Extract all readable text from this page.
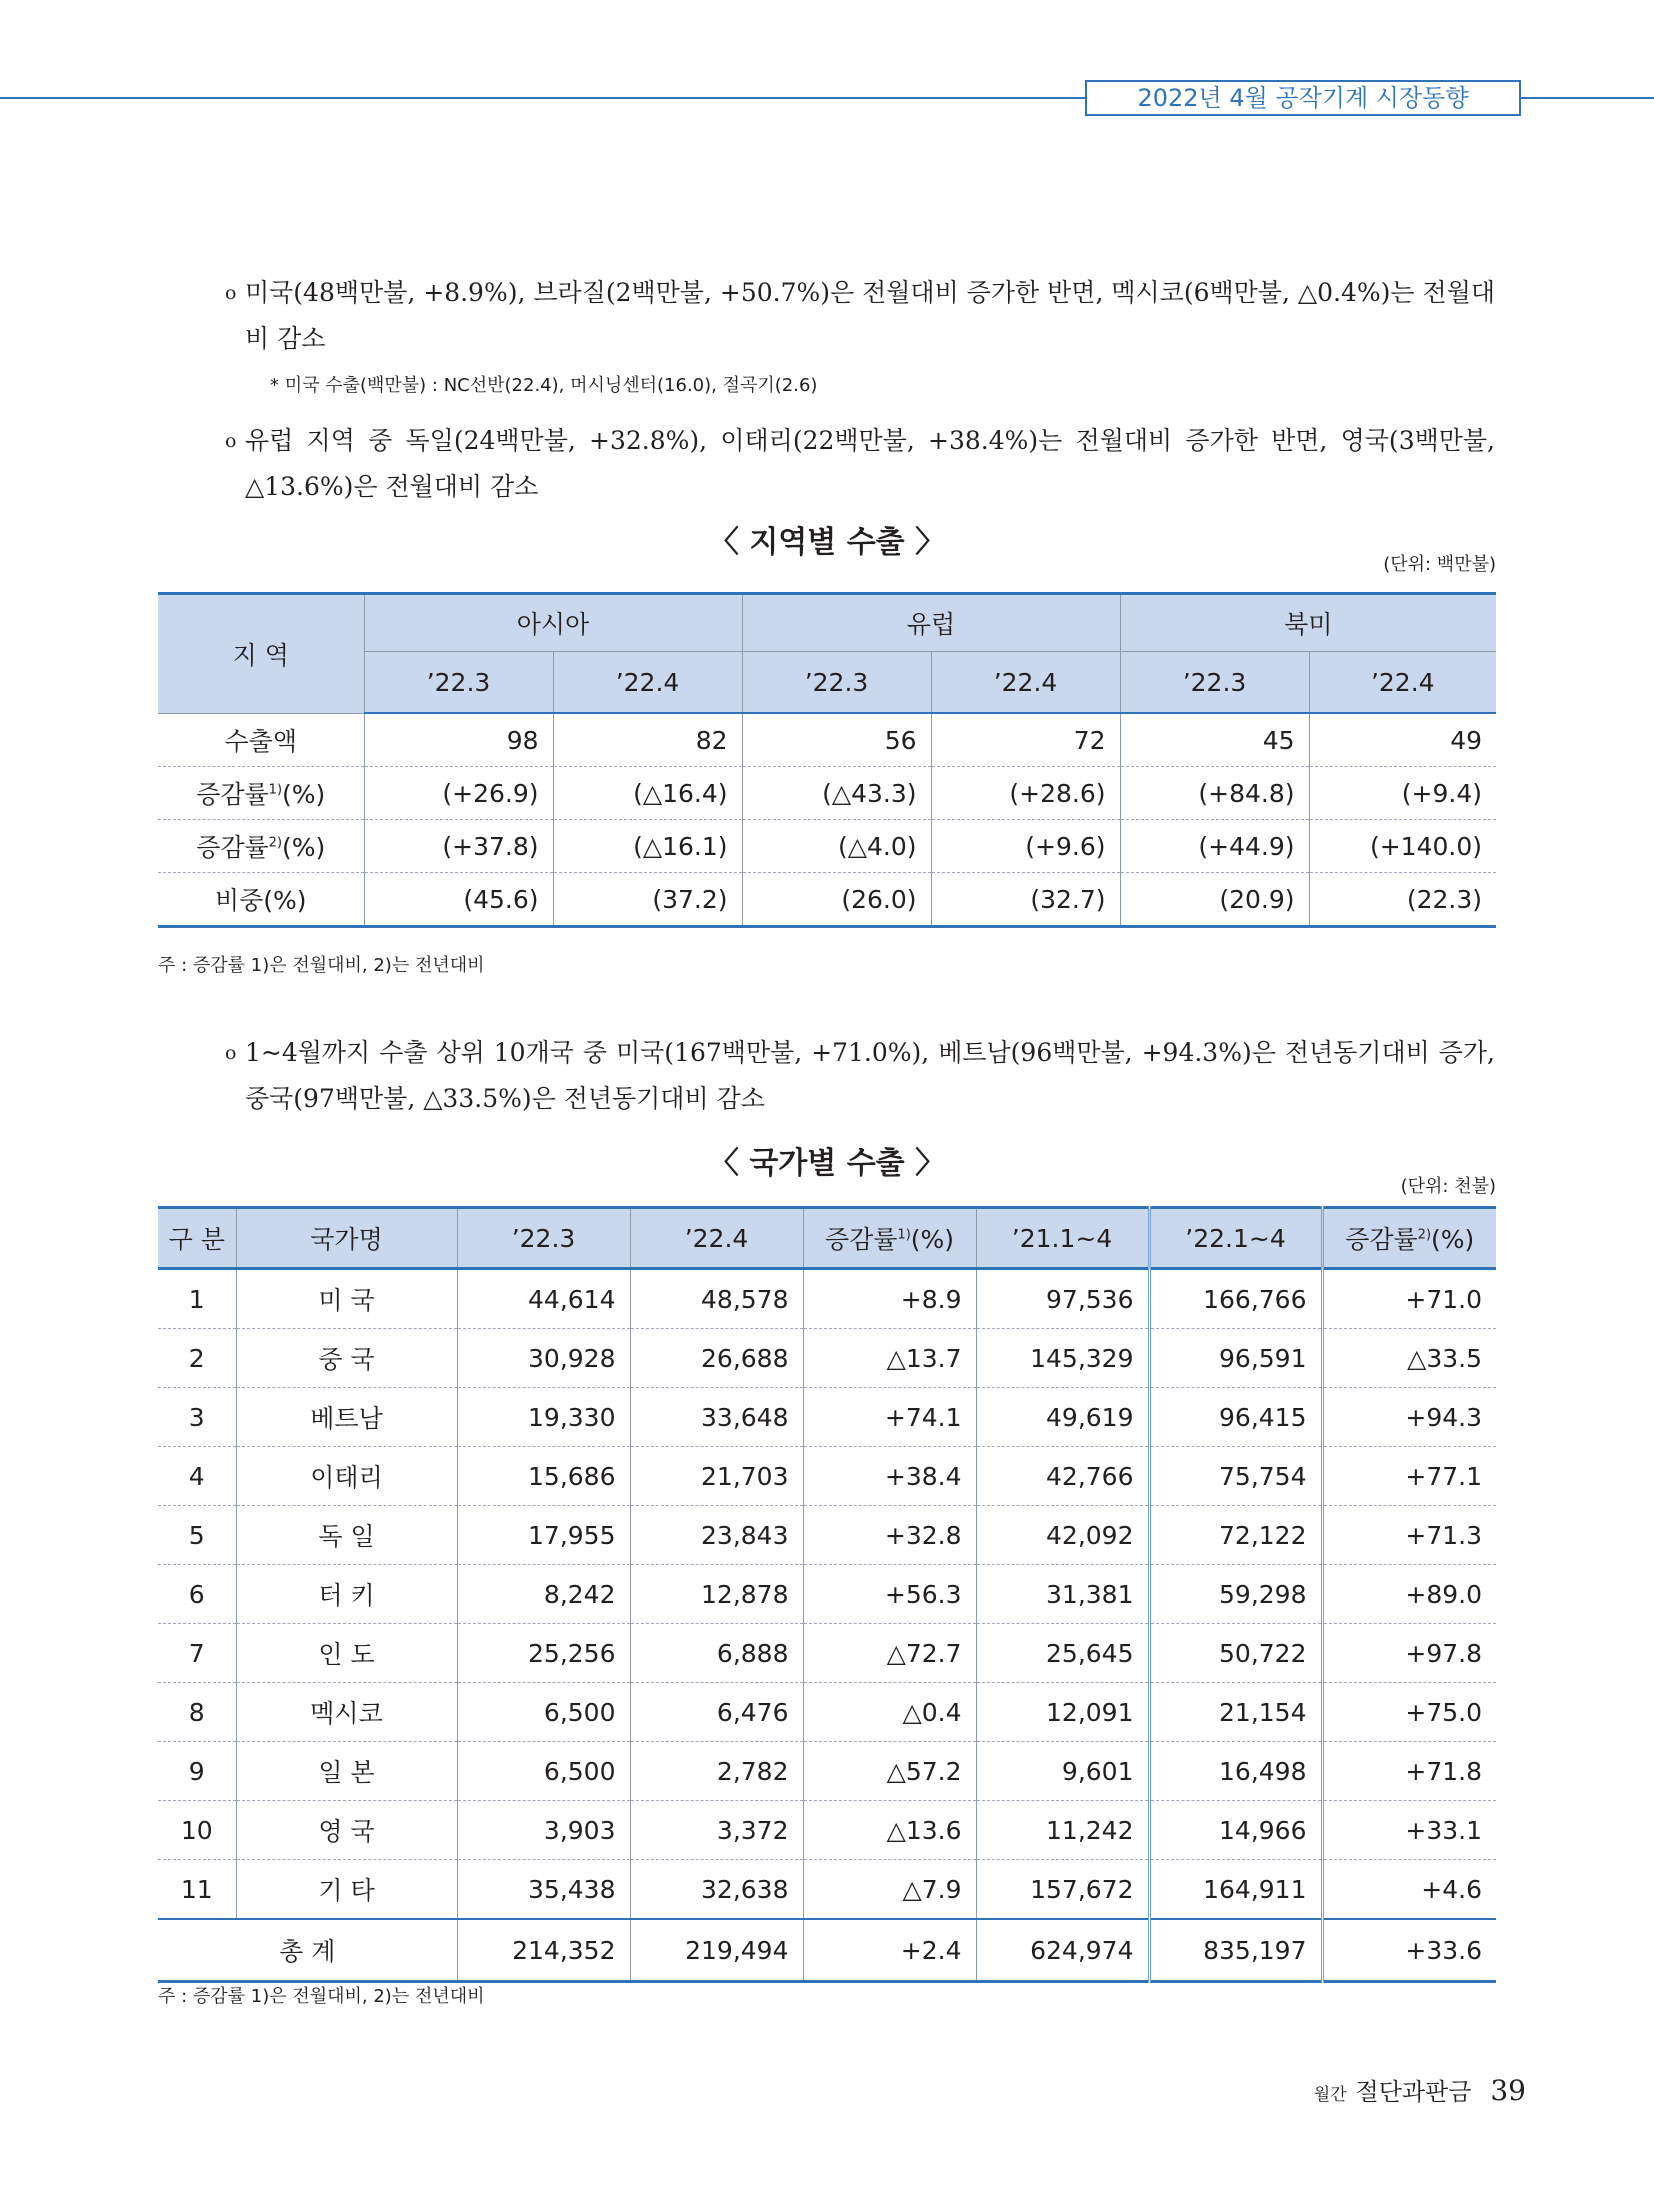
2022년 4월 공작기계 시장동향
o 미국(48백만불, +8.9%), 브라질(2백만불, +50.7%)은 전월대비 증가한 반면, 멕시코(6백만불, △0.4%)는 전월대비 감소
* 미국 수출(백만불) : NC선반(22.4), 머시닝센터(16.0), 절곡기(2.6)
o 유럽 지역 중 독일(24백만불, +32.8%), 이태리(22백만불, +38.4%)는 전월대비 증가한 반면, 영국(3백만불, △13.6%)은 전월대비 감소
〈 지역별 수출 〉
(단위: 백만불)
지 역	아시아		유럽		북미	
	’22.3	’22.4	’22.3	’22.4	’22.3	’22.4
수출액	98	82	56	72	45	49
증감률$^{1)}$(%)	(+26.9)	(△16.4)	(△43.3)	(+28.6)	(+84.8)	(+9.4)
증감률$^{2)}$(%)	(+37.8)	(△16.1)	(△4.0)	(+9.6)	(+44.9)	(+140.0)
비중(%)	(45.6)	(37.2)	(26.0)	(32.7)	(20.9)	(22.3)
주 : 증감률 1)은 전월대비, 2)는 전년대비
o 1~4월까지 수출 상위 10개국 중 미국(167백만불, +71.0%), 베트남(96백만불, +94.3%)은 전년동기대비 증가, 중국(97백만불, △33.5%)은 전년동기대비 감소
〈 국가별 수출 〉
(단위: 천불)
구 분	국가명	’22.3	’22.4	증감률$^{1)}$(%)	’21.1~4	’22.1~4	증감률$^{2)}$(%)
1	미 국	44,614	48,578	+8.9	97,536	166,766	+71.0
2	중 국	30,928	26,688	△13.7	145,329	96,591	△33.5
3	베트남	19,330	33,648	+74.1	49,619	96,415	+94.3
4	이태리	15,686	21,703	+38.4	42,766	75,754	+77.1
5	독 일	17,955	23,843	+32.8	42,092	72,122	+71.3
6	터 키	8,242	12,878	+56.3	31,381	59,298	+89.0
7	인 도	25,256	6,888	△72.7	25,645	50,722	+97.8
8	멕시코	6,500	6,476	△0.4	12,091	21,154	+75.0
9	일 본	6,500	2,782	△57.2	9,601	16,498	+71.8
10	영 국	3,903	3,372	△13.6	11,242	14,966	+33.1
11	기 타	35,438	32,638	△7.9	157,672	164,911	+4.6
총 계		214,352	219,494	+2.4	624,974	835,197	+33.6
주 : 증감률 1)은 전월대비, 2)는 전년대비
월간 절단과판금 39
